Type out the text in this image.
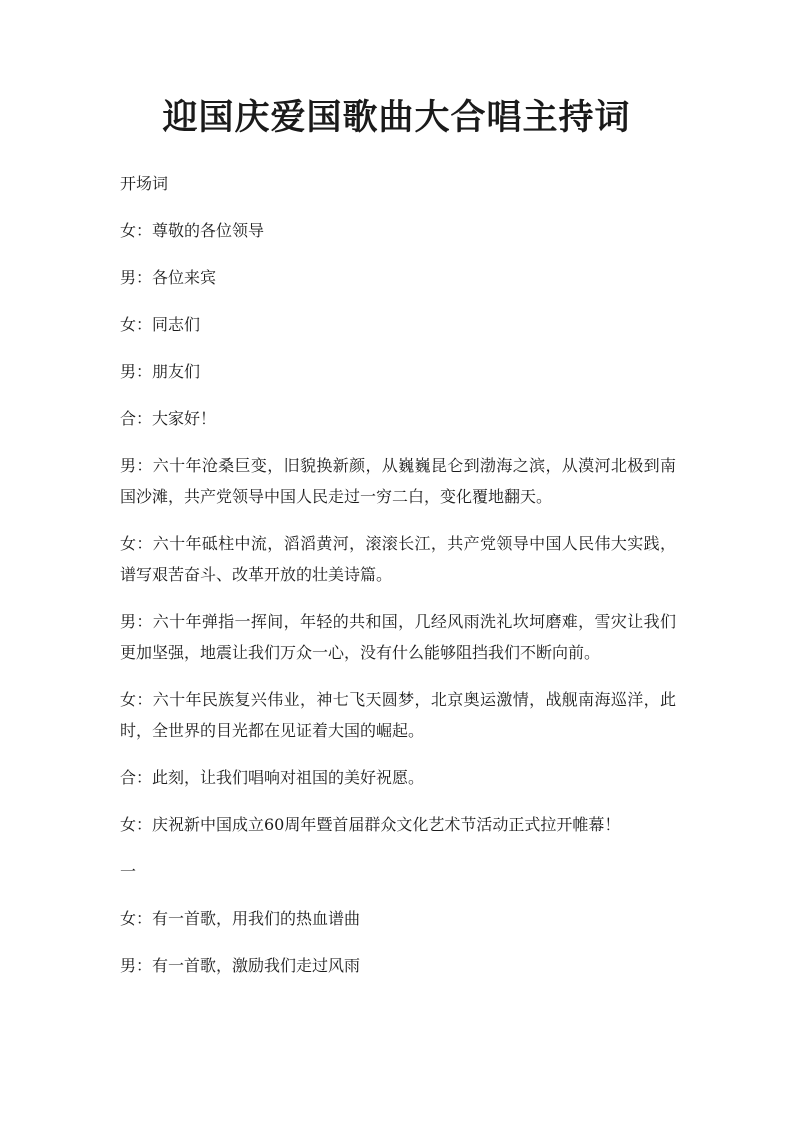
迎国庆爱国歌曲大合唱主持词

开场词

女：尊敬的各位领导

男：各位来宾

女：同志们

男：朋友们

合：大家好！

男：六十年沧桑巨变，旧貌换新颜，从巍巍昆仑到渤海之滨，从漠河北极到南国沙滩，共产党领导中国人民走过一穷二白，变化覆地翻天。

女：六十年砥柱中流，滔滔黄河，滚滚长江，共产党领导中国人民伟大实践，谱写艰苦奋斗、改革开放的壮美诗篇。

男：六十年弹指一挥间，年轻的共和国，几经风雨洗礼坎坷磨难，雪灾让我们更加坚强，地震让我们万众一心，没有什么能够阻挡我们不断向前。

女：六十年民族复兴伟业，神七飞天圆梦，北京奥运激情，战舰南海巡洋，此时，全世界的目光都在见证着大国的崛起。

合：此刻，让我们唱响对祖国的美好祝愿。

女：庆祝新中国成立60周年暨首届群众文化艺术节活动正式拉开帷幕！

一

女：有一首歌，用我们的热血谱曲

男：有一首歌，激励我们走过风雨
